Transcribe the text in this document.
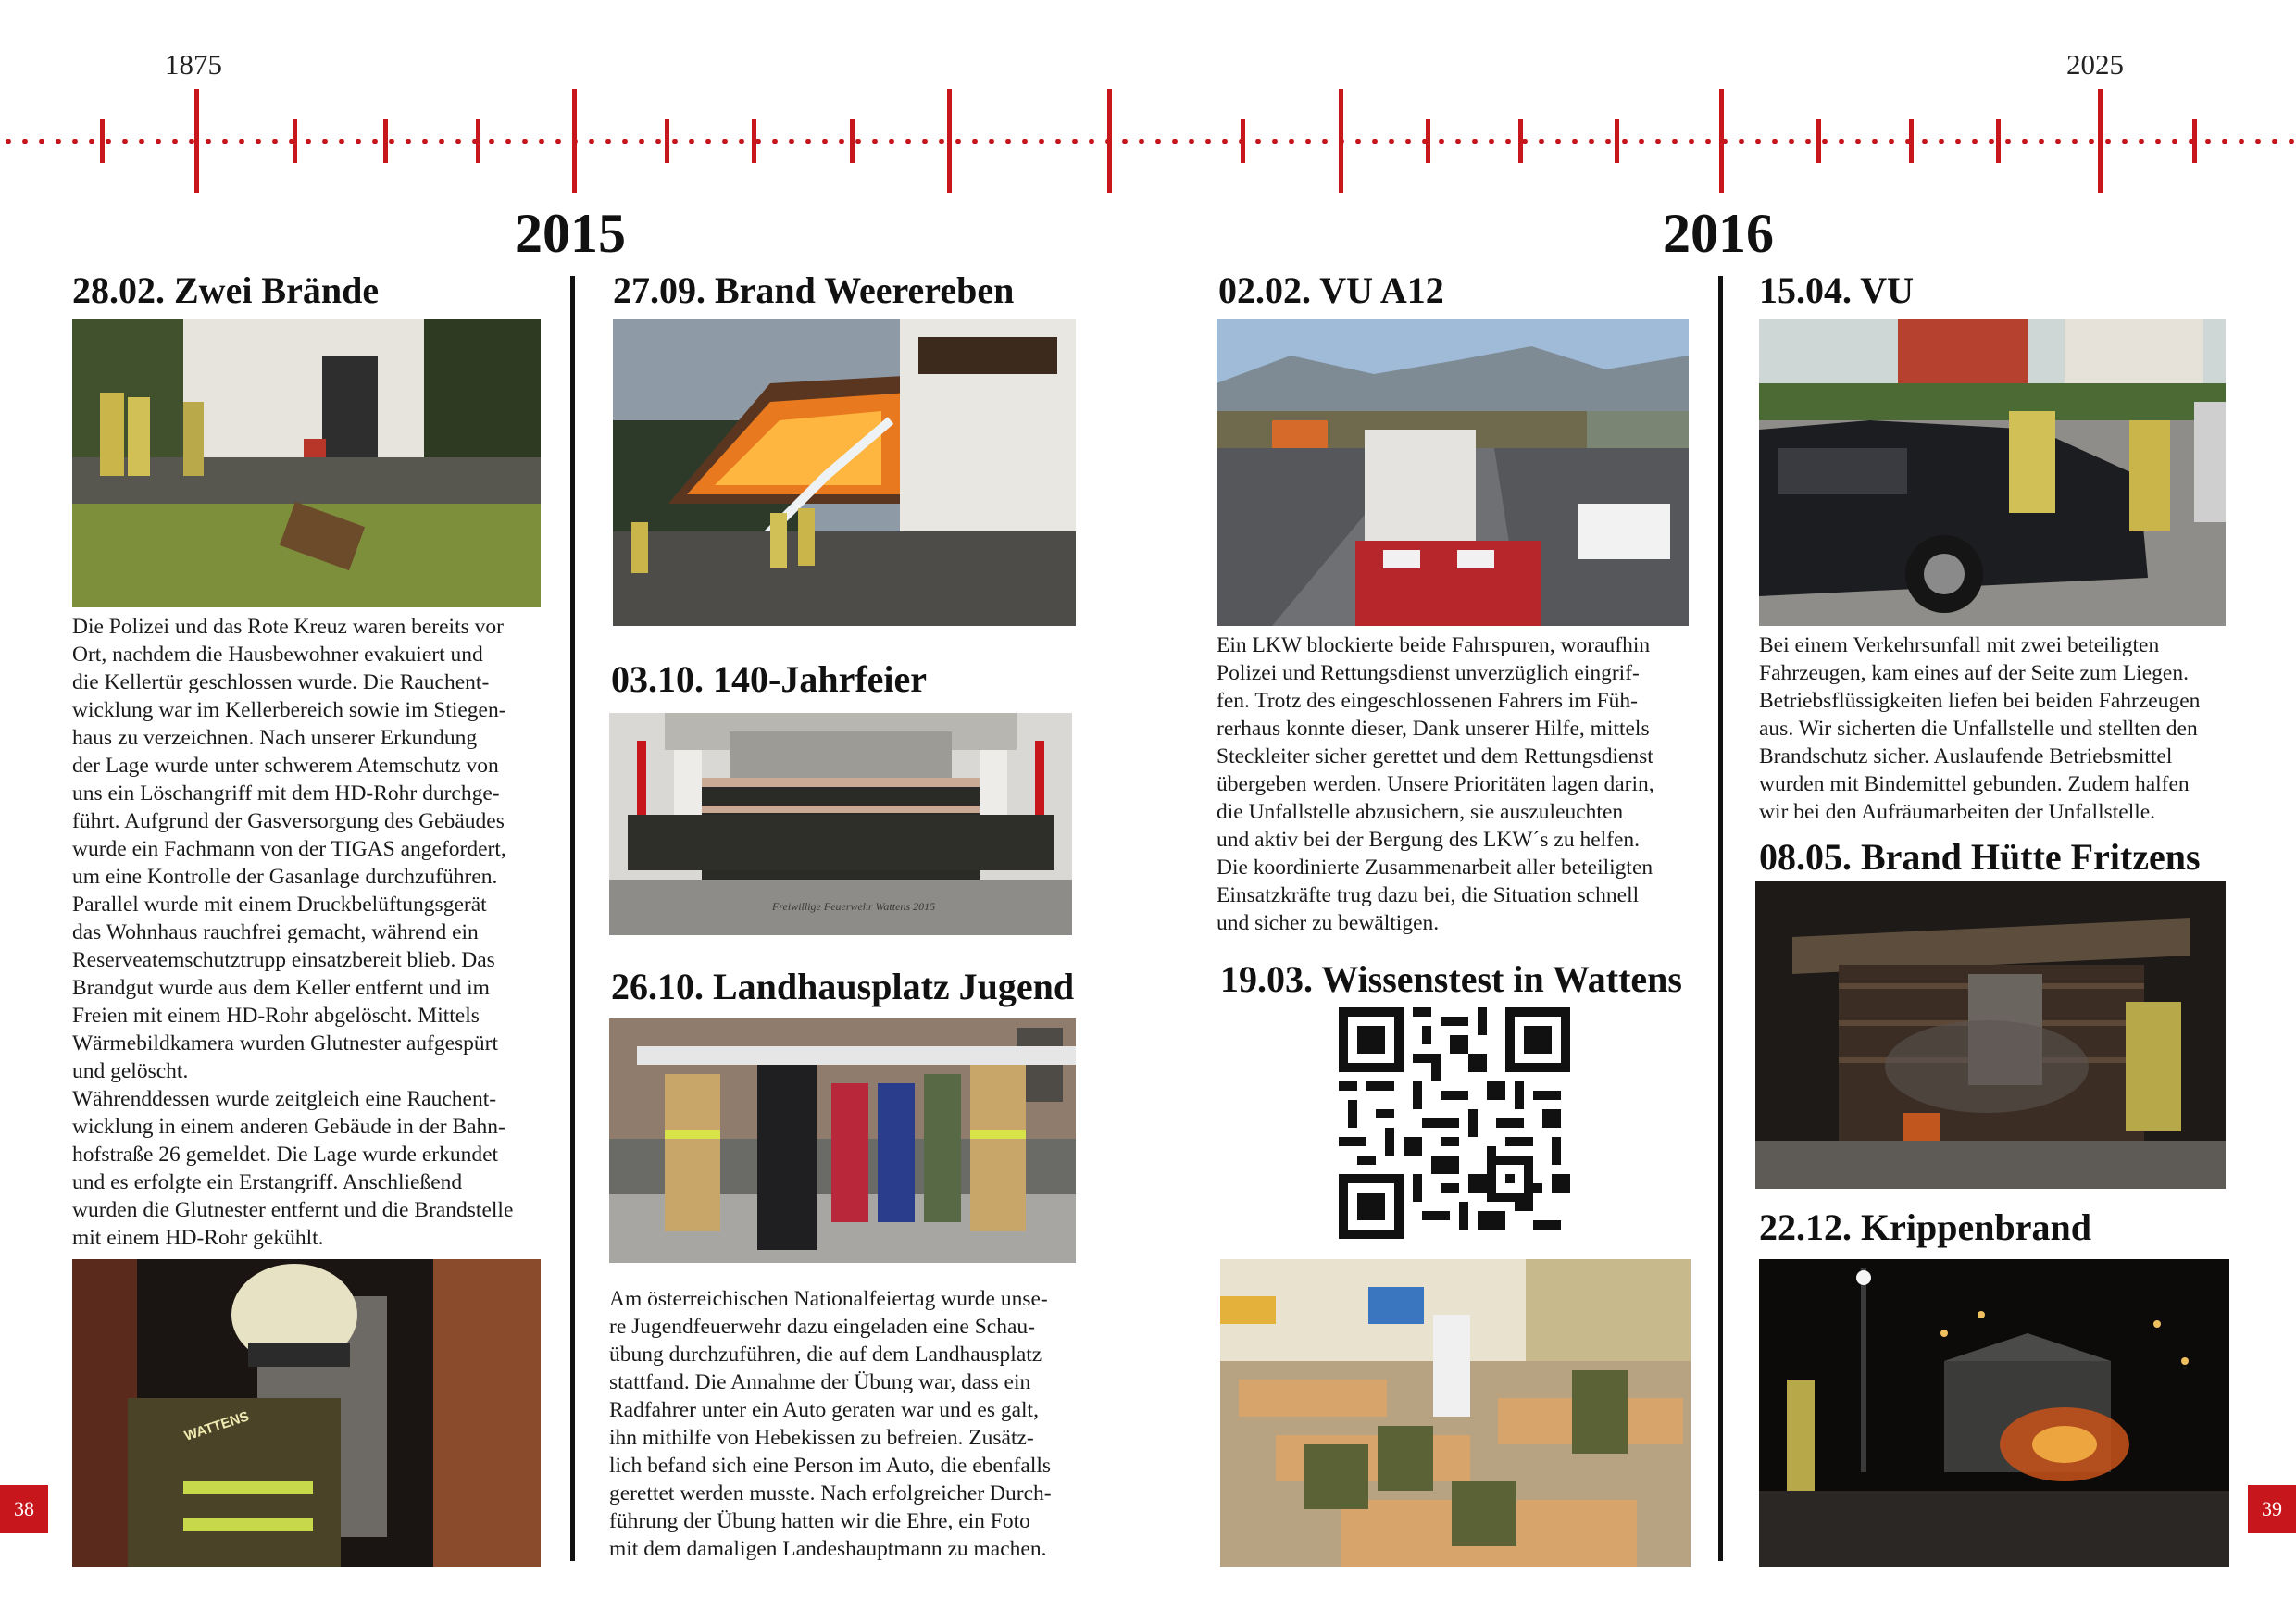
1875	2025
2015	2016
28.02. Zwei Brände

Die Polizei und das Rote Kreuz waren bereits vor

Ort, nachdem die Hausbewohner evakuiert und

die Kellertür geschlossen wurde. Die Rauchent-

wicklung war im Kellerbereich sowie im Stiegen-

haus zu verzeichnen. Nach unserer Erkundung

der Lage wurde unter schwerem Atemschutz von

uns ein Löschangriff mit dem HD-Rohr durchge-

führt. Aufgrund der Gasversorgung des Gebäudes

wurde ein Fachmann von der TIGAS angefordert,

um eine Kontrolle der Gasanlage durchzuführen.

Parallel wurde mit einem Druckbelüftungsgerät

das Wohnhaus rauchfrei gemacht, während ein

Reserveatemschutztrupp einsatzbereit blieb. Das

Brandgut wurde aus dem Keller entfernt und im

Freien mit einem HD-Rohr abgelöscht. Mittels

Wärmebildkamera wurden Glutnester aufgespürt

und gelöscht.

Währenddessen wurde zeitgleich eine Rauchent-

wicklung in einem anderen Gebäude in der Bahn-

hofstraße 26 gemeldet. Die Lage wurde erkundet

und es erfolgte ein Erstangriff. Anschließend

wurden die Glutnester entfernt und die Brandstelle

mit einem HD-Rohr gekühlt.

WATTENS
27.09. Brand Weerereben
03.10. 140-Jahrfeier
Freiwillige Feuerwehr Wattens 2015
26.10. Landhausplatz Jugend

Am österreichischen Nationalfeiertag wurde unse-

re Jugendfeuerwehr dazu eingeladen eine Schau-

übung durchzuführen, die auf dem Landhausplatz

stattfand. Die Annahme der Übung war, dass ein

Radfahrer unter ein Auto geraten war und es galt,

ihn mithilfe von Hebekissen zu befreien. Zusätz-

lich befand sich eine Person im Auto, die ebenfalls

gerettet werden musste. Nach erfolgreicher Durch-

führung der Übung hatten wir die Ehre, ein Foto

mit dem damaligen Landeshauptmann zu machen.

02.02. VU A12

Ein LKW blockierte beide Fahrspuren, woraufhin

Polizei und Rettungsdienst unverzüglich eingrif-

fen. Trotz des eingeschlossenen Fahrers im Füh-

rerhaus konnte dieser, Dank unserer Hilfe, mittels

Steckleiter sicher gerettet und dem Rettungsdienst

übergeben werden. Unsere Prioritäten lagen darin,

die Unfallstelle abzusichern, sie auszuleuchten

und aktiv bei der Bergung des LKW´s zu helfen.

Die koordinierte Zusammenarbeit aller beteiligten

Einsatzkräfte trug dazu bei, die Situation schnell

und sicher zu bewältigen.

19.03. Wissenstest in Wattens
15.04. VU

Bei einem Verkehrsunfall mit zwei beteiligten

Fahrzeugen, kam eines auf der Seite zum Liegen.

Betriebsflüssigkeiten liefen bei beiden Fahrzeugen

aus. Wir sicherten die Unfallstelle und stellten den

Brandschutz sicher. Auslaufende Betriebsmittel

wurden mit Bindemittel gebunden. Zudem halfen

wir bei den Aufräumarbeiten der Unfallstelle.

08.05. Brand Hütte Fritzens
22.12. Krippenbrand
38	39
